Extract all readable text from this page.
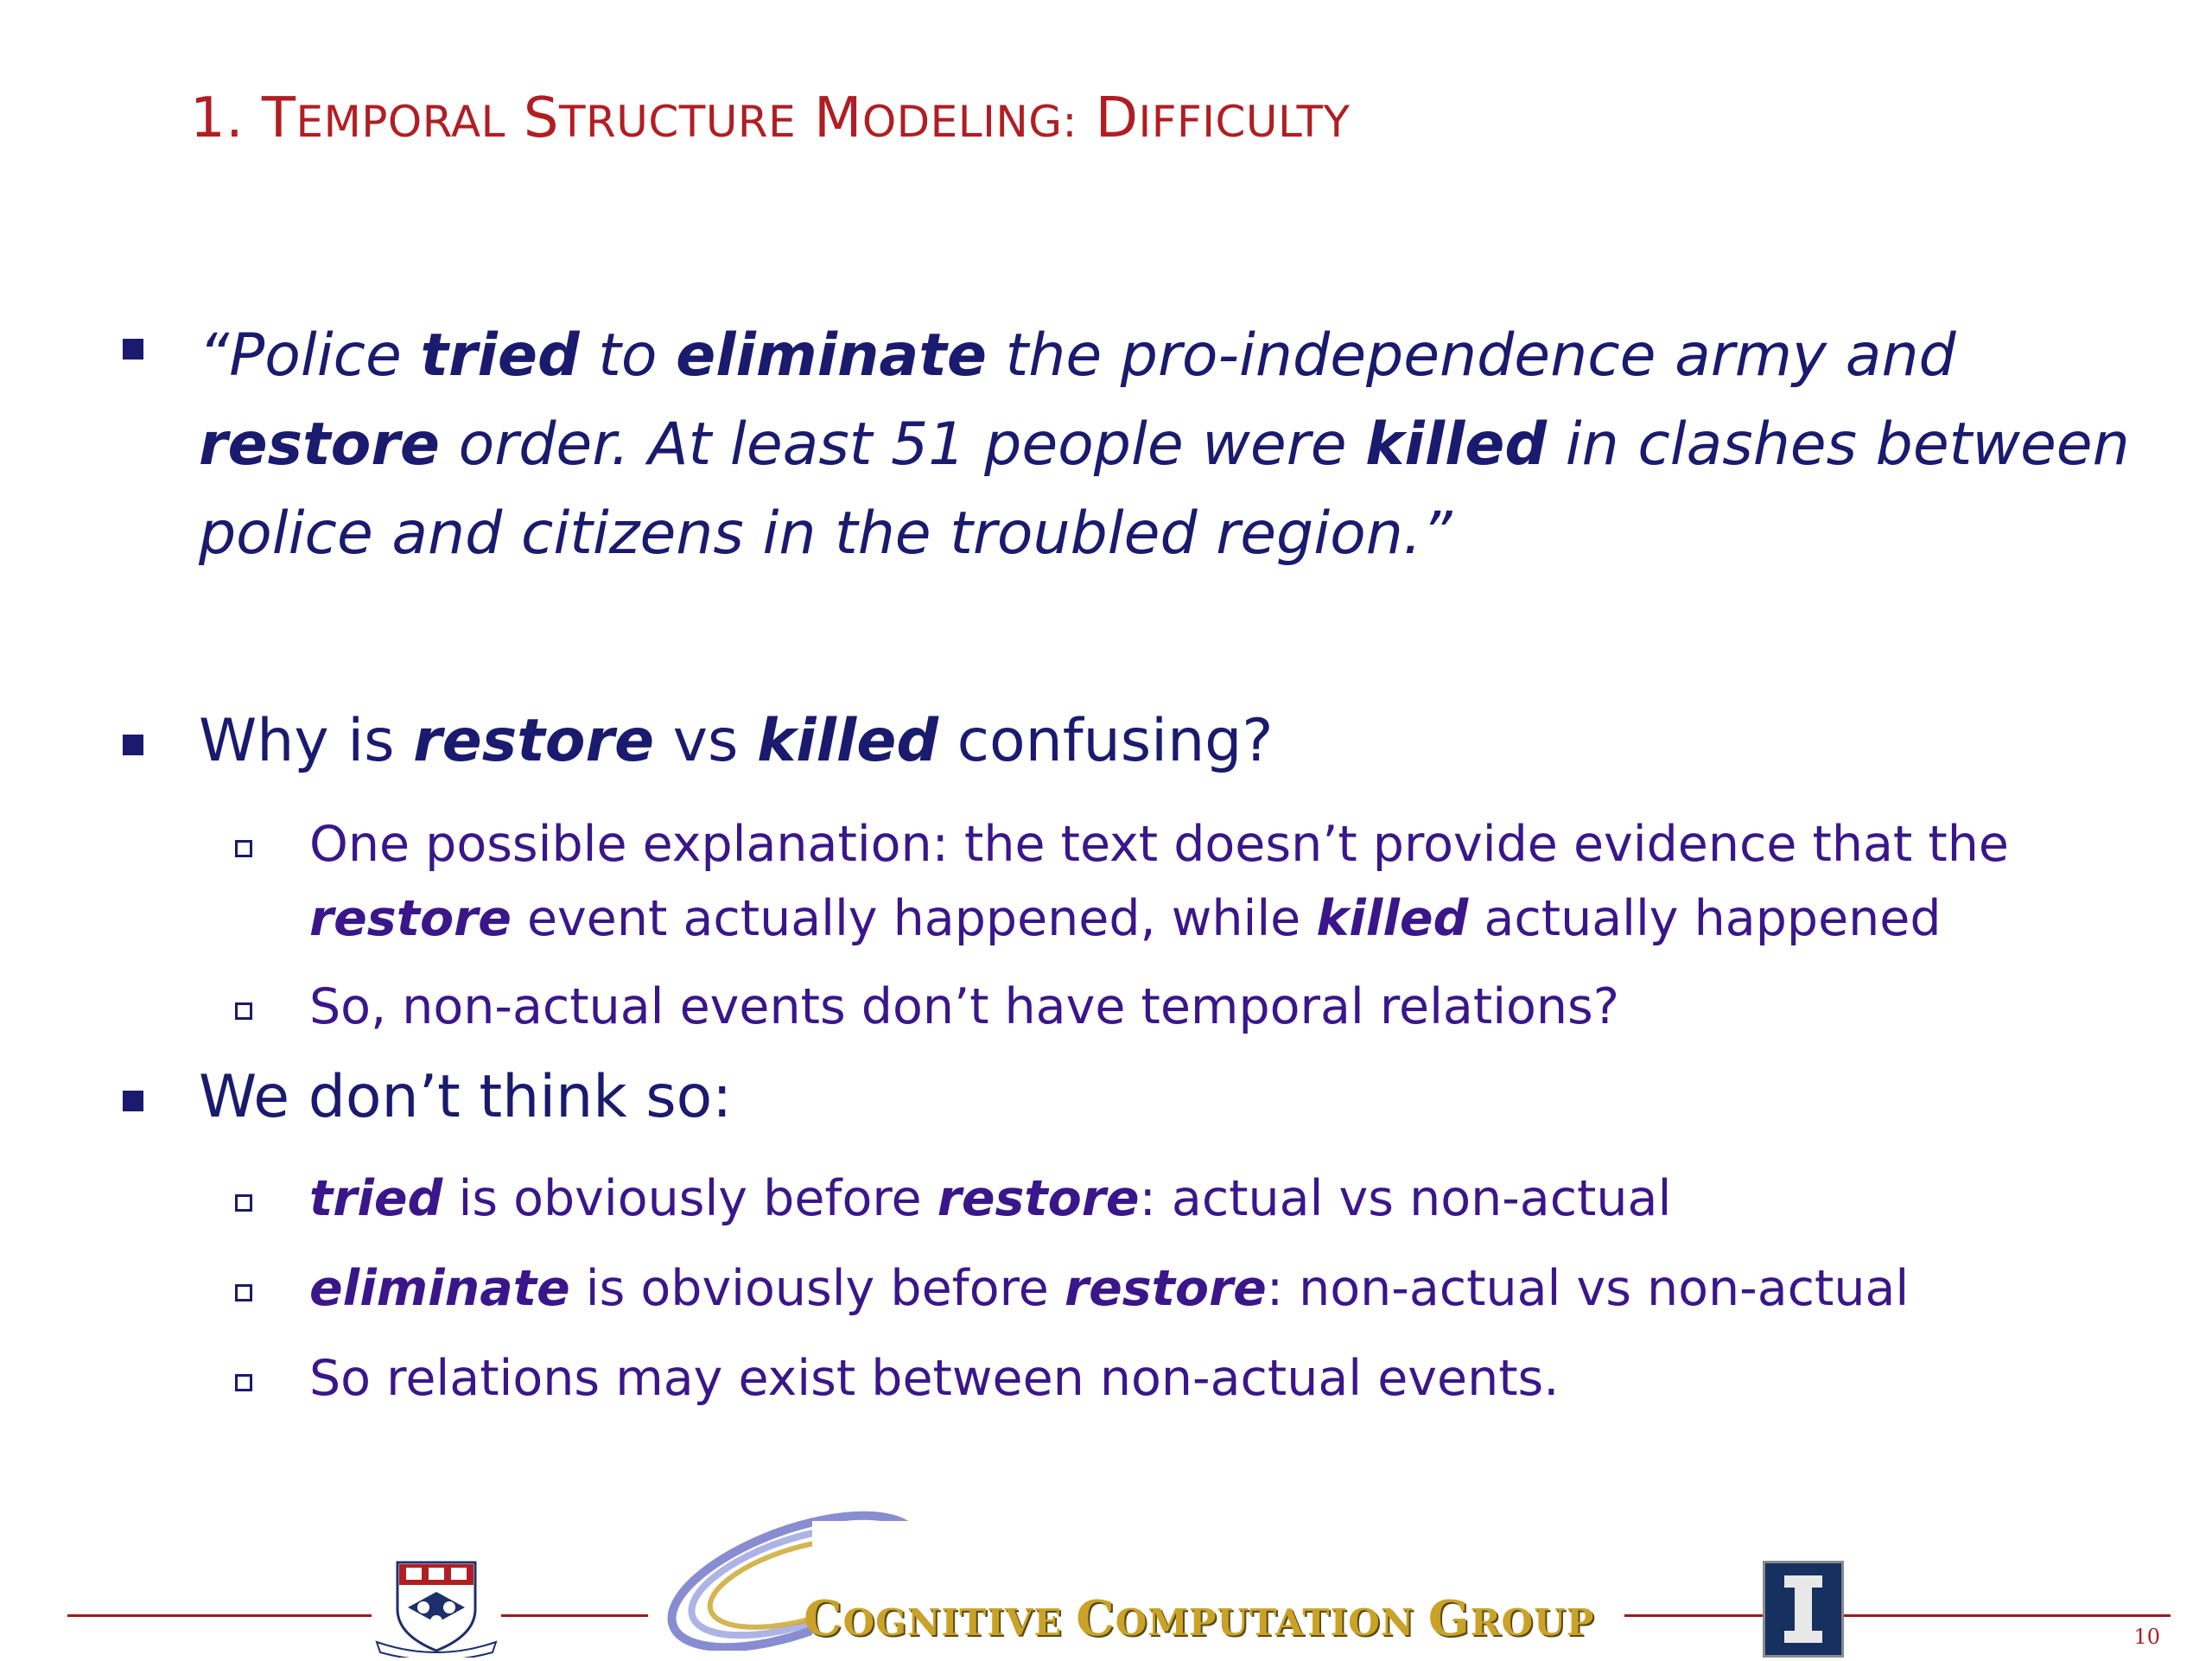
1. TEMPORAL STRUCTURE MODELING: DIFFICULTY
“Police tried to eliminate the pro-independence army and restore order. At least 51 people were killed in clashes between police and citizens in the troubled region.”
Why is restore vs killed confusing?
One possible explanation: the text doesn’t provide evidence that the restore event actually happened, while killed actually happened
So, non-actual events don’t have temporal relations?
We don’t think so:
tried is obviously before restore: actual vs non-actual
eliminate is obviously before restore: non-actual vs non-actual
So relations may exist between non-actual events.
COGNITIVE COMPUTATION GROUP	10
